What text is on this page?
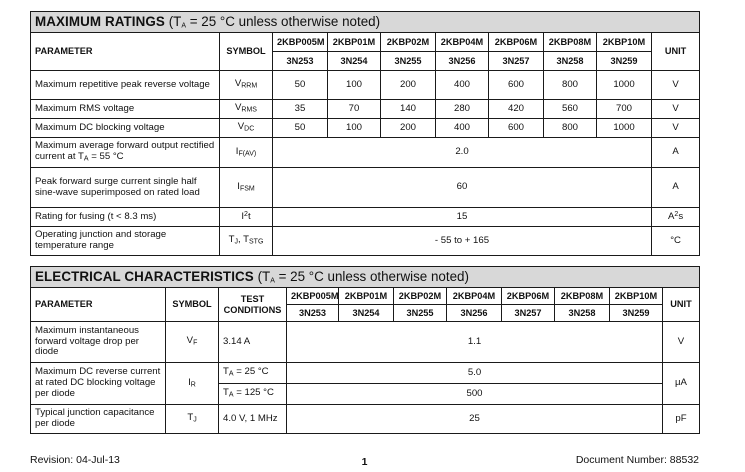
MAXIMUM RATINGS ($T_A = 25$ °C unless otherwise noted)									
PARAMETER	SYMBOL	2KBP005M	2KBP01M	2KBP02M	2KBP04M	2KBP06M	2KBP08M	2KBP10M	UNIT
		3N253	3N254	3N255	3N256	3N257	3N258	3N259	
Maximum repetitive peak reverse voltage	$V_{RRM}$	50	100	200	400	600	800	1000	V
Maximum RMS voltage	$V_{RMS}$	35	70	140	280	420	560	700	V
Maximum DC blocking voltage	$V_{DC}$	50	100	200	400	600	800	1000	V
Maximum average forward output rectified current at $T_A = 55$ °C	$I_{F(AV)}$	2.0							A
Peak forward surge current single half sine-wave superimposed on rated load	$I_{FSM}$	60							A
Rating for fusing (t < 8.3 ms)	$I^2t$	15							$A^2s$
Operating junction and storage temperature range	$T_J$, $T_{STG}$	- 55 to + 165							°C
ELECTRICAL CHARACTERISTICS ($T_A = 25$ °C unless otherwise noted)										
PARAMETER	SYMBOL	TEST CONDITIONS	2KBP005M	2KBP01M	2KBP02M	2KBP04M	2KBP06M	2KBP08M	2KBP10M	UNIT
			3N253	3N254	3N255	3N256	3N257	3N258	3N259	
Maximum instantaneous forward voltage drop per diode	$V_F$	3.14 A	1.1							V
Maximum DC reverse current at rated DC blocking voltage per diode	$I_R$	$T_A = 25$ °C	5.0							μA
		$T_A = 125$ °C	500							
Typical junction capacitance per diode	$T_J$	4.0 V, 1 MHz	25							pF
Revision: 04-Jul-13	1	Document Number: 88532
